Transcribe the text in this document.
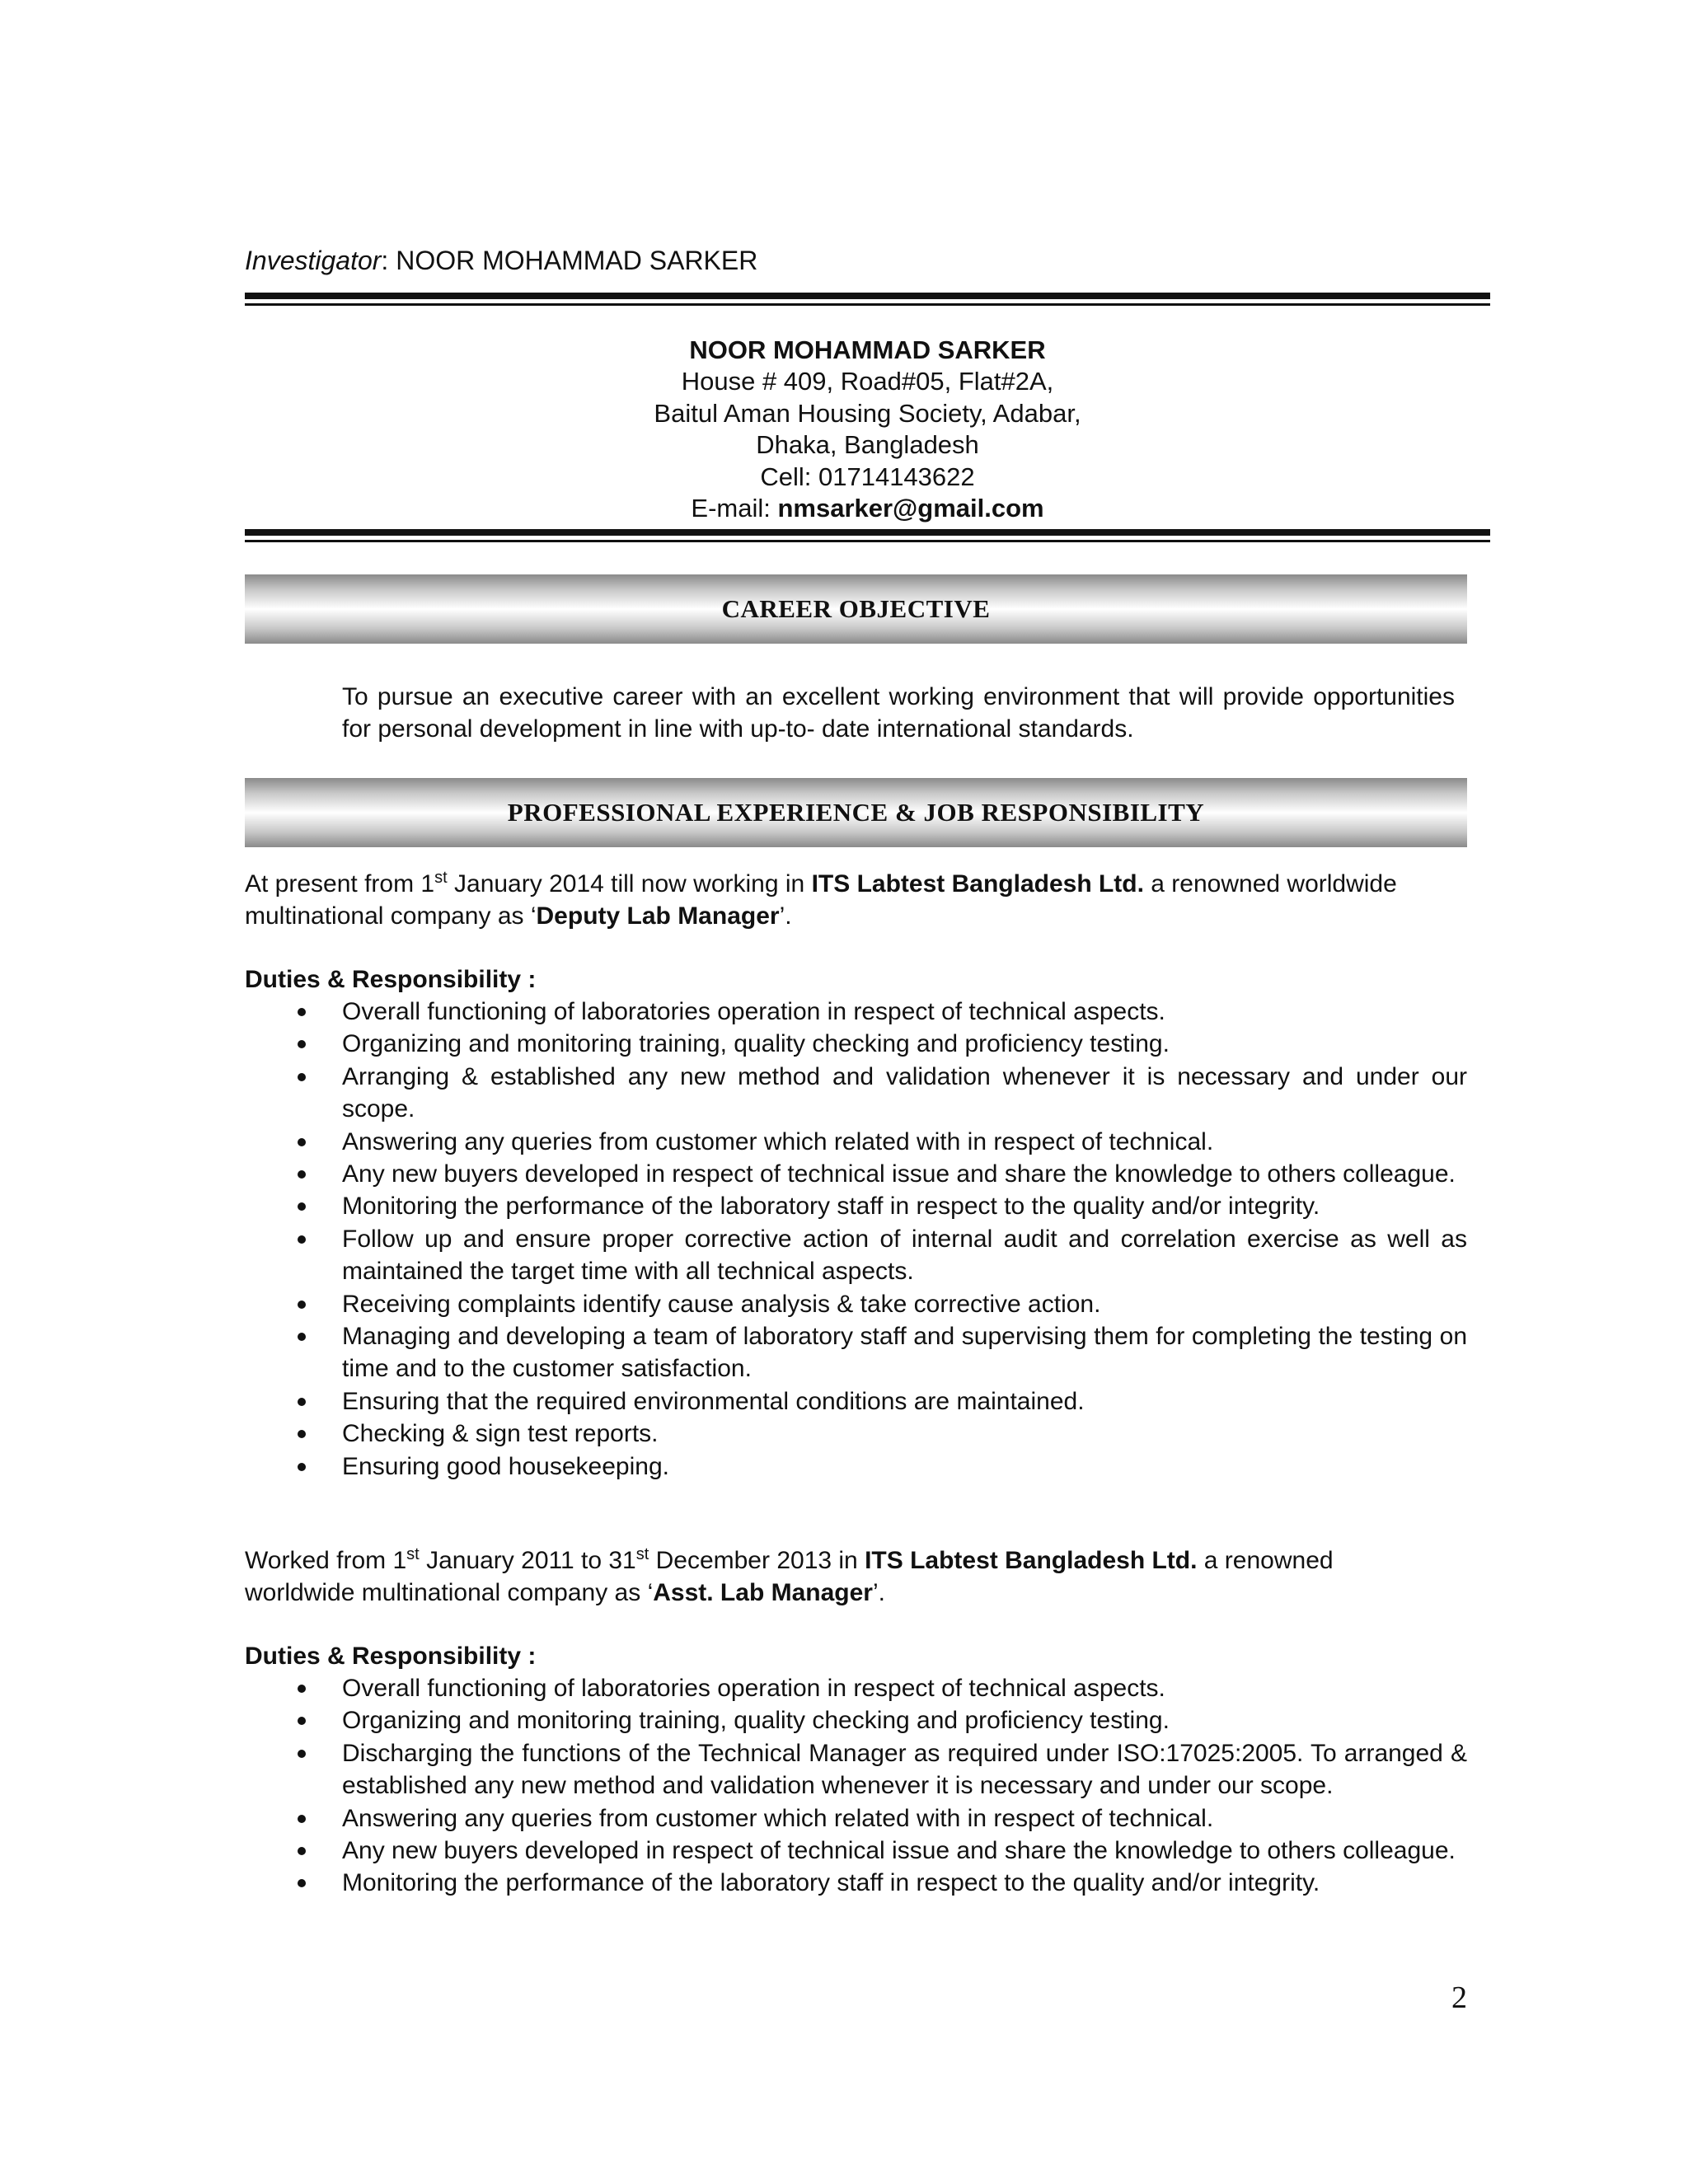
Investigator: NOOR MOHAMMAD SARKER
NOOR MOHAMMAD SARKER
House # 409, Road#05, Flat#2A,
Baitul Aman Housing Society, Adabar,
Dhaka, Bangladesh
Cell: 01714143622
E-mail: nmsarker@gmail.com
CAREER OBJECTIVE
To pursue an executive career with an excellent working environment that will provide opportunities for personal development in line with up-to- date international standards.
PROFESSIONAL EXPERIENCE & JOB RESPONSIBILITY
At present from 1st January 2014 till now working in ITS Labtest Bangladesh Ltd. a renowned worldwide multinational company as ‘Deputy Lab Manager’.
Duties & Responsibility :
Overall functioning of laboratories operation in respect of technical aspects.
Organizing and monitoring training, quality checking and proficiency testing.
Arranging & established any new method and validation whenever it is necessary and under our scope.
Answering any queries from customer which related with in respect of technical.
Any new buyers developed in respect of technical issue and share the knowledge to others colleague.
Monitoring the performance of the laboratory staff in respect to the quality and/or integrity.
Follow up and ensure proper corrective action of internal audit and correlation exercise as well as maintained the target time with all technical aspects.
Receiving complaints identify cause analysis & take corrective action.
Managing and developing a team of laboratory staff and supervising them for completing the testing on time and to the customer satisfaction.
Ensuring that the required environmental conditions are maintained.
Checking & sign test reports.
Ensuring good housekeeping.
Worked from 1st January 2011 to 31st December 2013 in ITS Labtest Bangladesh Ltd. a renowned worldwide multinational company as ‘Asst. Lab Manager’.
Duties & Responsibility :
Overall functioning of laboratories operation in respect of technical aspects.
Organizing and monitoring training, quality checking and proficiency testing.
Discharging the functions of the Technical Manager as required under ISO:17025:2005. To arranged & established any new method and validation whenever it is necessary and under our scope.
Answering any queries from customer which related with in respect of technical.
Any new buyers developed in respect of technical issue and share the knowledge to others colleague.
Monitoring the performance of the laboratory staff in respect to the quality and/or integrity.
2
